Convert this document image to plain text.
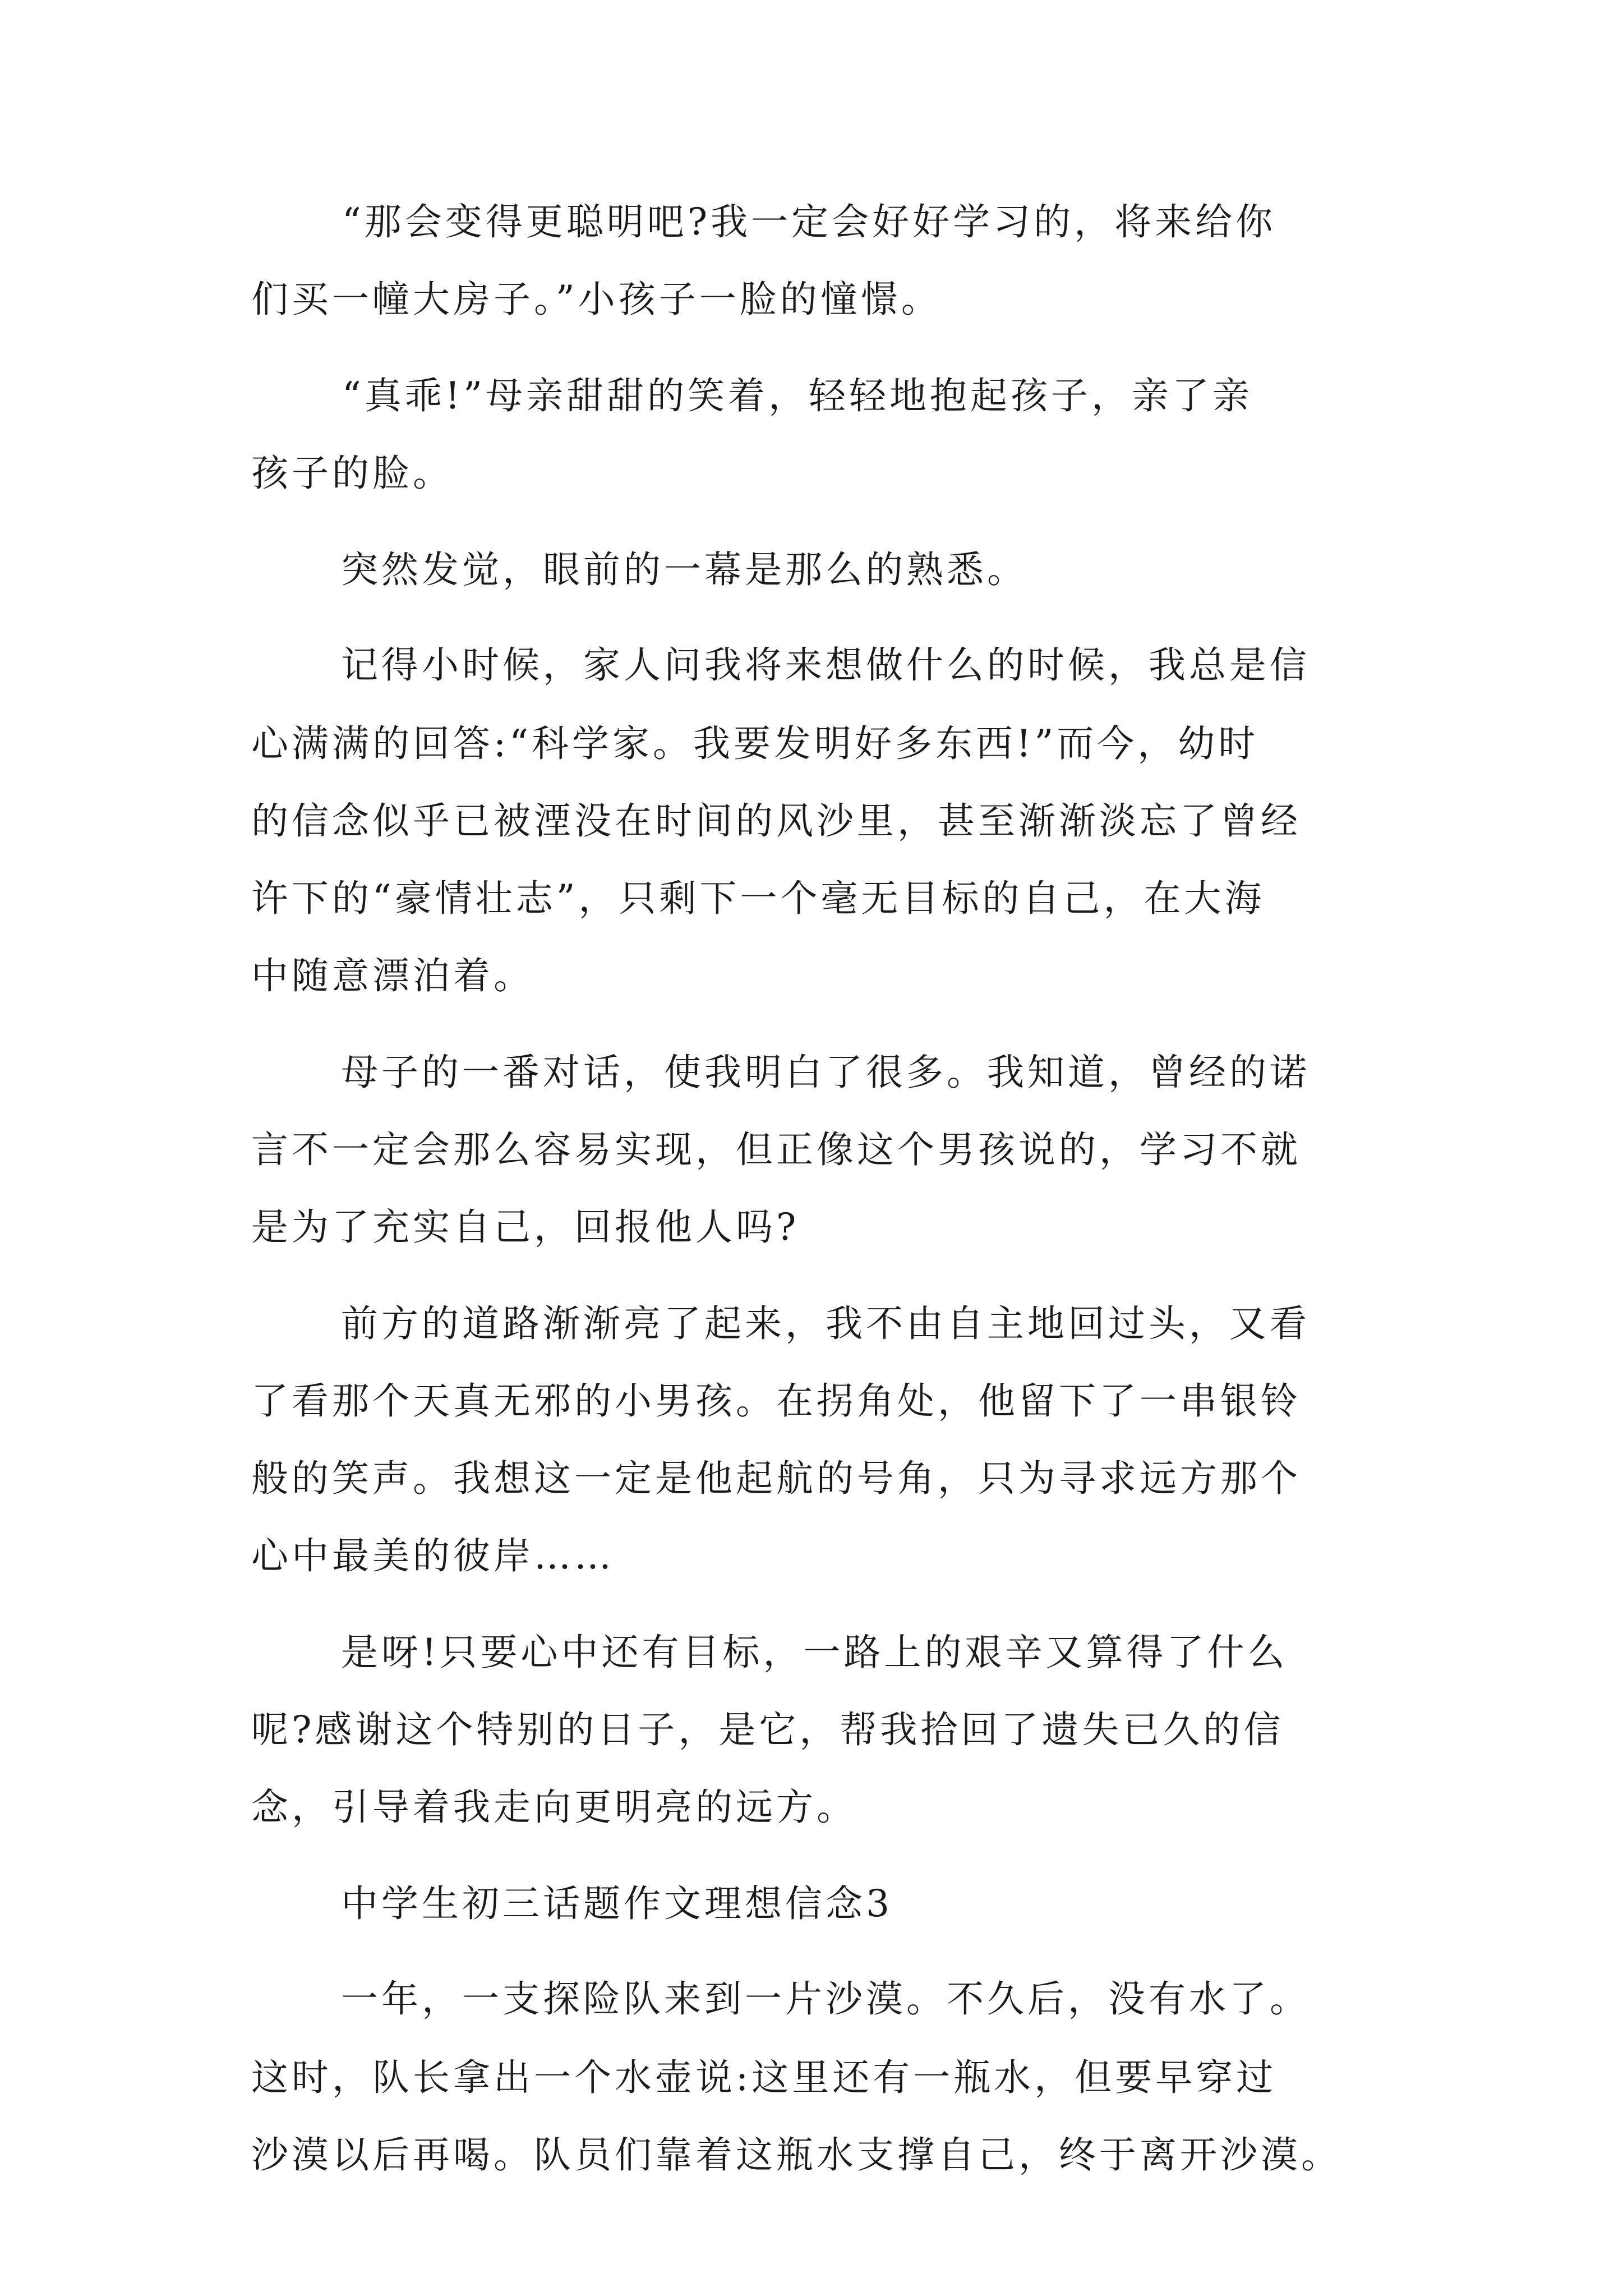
“那会变得更聪明吧?我一定会好好学习的，将来给你
们买一幢大房子。”小孩子一脸的憧憬。
“真乖!”母亲甜甜的笑着，轻轻地抱起孩子，亲了亲
孩子的脸。
突然发觉，眼前的一幕是那么的熟悉。
记得小时候，家人问我将来想做什么的时候，我总是信
心满满的回答:“科学家。我要发明好多东西!”而今，幼时
的信念似乎已被湮没在时间的风沙里，甚至渐渐淡忘了曾经
许下的“豪情壮志”，只剩下一个毫无目标的自己，在大海
中随意漂泊着。
母子的一番对话，使我明白了很多。我知道，曾经的诺
言不一定会那么容易实现，但正像这个男孩说的，学习不就
是为了充实自己，回报他人吗?
前方的道路渐渐亮了起来，我不由自主地回过头，又看
了看那个天真无邪的小男孩。在拐角处，他留下了一串银铃
般的笑声。我想这一定是他起航的号角，只为寻求远方那个
心中最美的彼岸……
是呀!只要心中还有目标，一路上的艰辛又算得了什么
呢?感谢这个特别的日子，是它，帮我拾回了遗失已久的信
念，引导着我走向更明亮的远方。
中学生初三话题作文理想信念3
一年，一支探险队来到一片沙漠。不久后，没有水了。
这时，队长拿出一个水壶说:这里还有一瓶水，但要早穿过
沙漠以后再喝。队员们靠着这瓶水支撑自己，终于离开沙漠。
